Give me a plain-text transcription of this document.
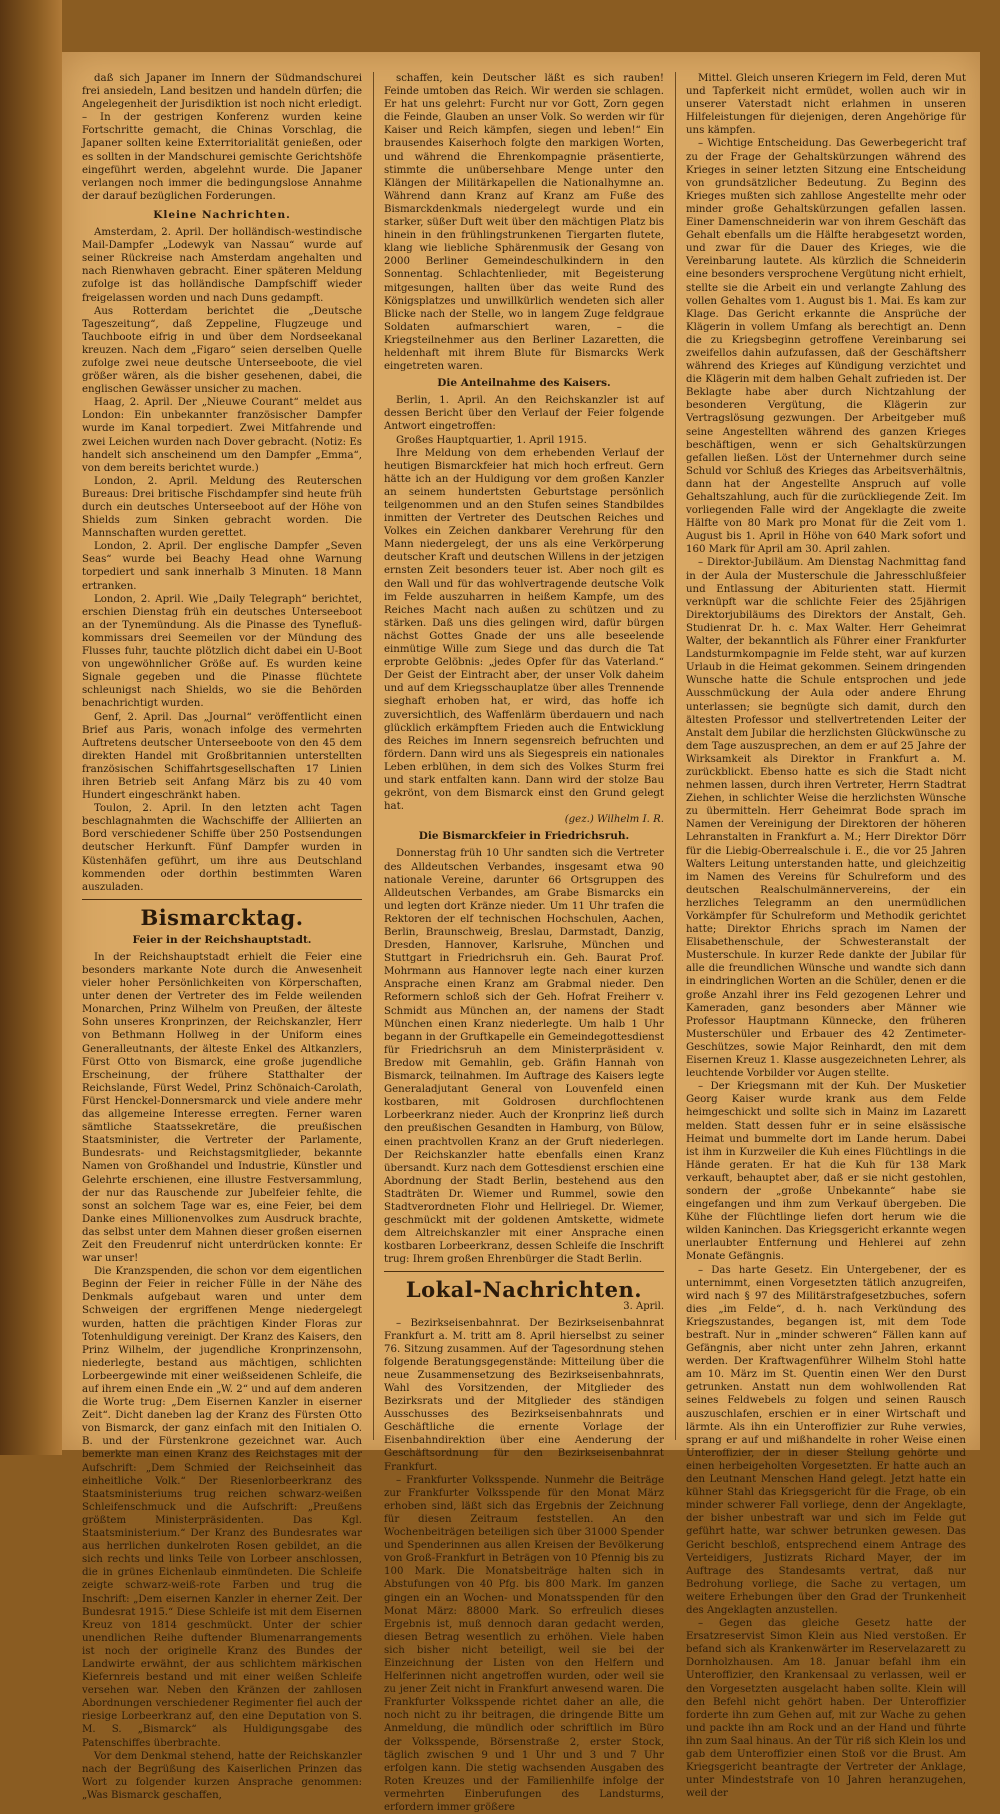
daß sich Japaner im Innern der Südmandschurei frei ansiedeln, Land besitzen und handeln dürfen; die Angelegenheit der Jurisdiktion ist noch nicht erledigt. – In der gestrigen Konferenz wurden keine Fortschritte gemacht, die Chinas Vorschlag, die Japaner sollten keine Exterritorialität genießen, oder es sollten in der Mandschurei gemischte Gerichtshöfe eingeführt werden, abgelehnt wurde. Die Japaner verlangen noch immer die bedingungslose Annahme der darauf bezüglichen Forderungen.

Kleine Nachrichten.

Amsterdam, 2. April. Der holländisch-westindische Mail-Dampfer „Lodewyk van Nassau“ wurde auf seiner Rückreise nach Amsterdam angehalten und nach Rienwhaven gebracht. Einer späteren Meldung zufolge ist das holländische Dampfschiff wieder freigelassen worden und nach Duns gedampft.

Aus Rotterdam berichtet die „Deutsche Tageszeitung“, daß Zeppeline, Flugzeuge und Tauchboote eifrig in und über dem Nordseekanal kreuzen. Nach dem „Figaro“ seien derselben Quelle zufolge zwei neue deutsche Unterseeboote, die viel größer wären, als die bisher gesehenen, dabei, die englischen Gewässer unsicher zu machen.

Haag, 2. April. Der „Nieuwe Courant“ meldet aus London: Ein unbekannter französischer Dampfer wurde im Kanal torpediert. Zwei Mitfahrende und zwei Leichen wurden nach Dover gebracht. (Notiz: Es handelt sich anscheinend um den Dampfer „Emma“, von dem bereits berichtet wurde.)

London, 2. April. Meldung des Reuterschen Bureaus: Drei britische Fischdampfer sind heute früh durch ein deutsches Unterseeboot auf der Höhe von Shields zum Sinken gebracht worden. Die Mannschaften wurden gerettet.

London, 2. April. Der englische Dampfer „Seven Seas“ wurde bei Beachy Head ohne Warnung torpediert und sank innerhalb 3 Minuten. 18 Mann ertranken.

London, 2. April. Wie „Daily Telegraph“ berichtet, erschien Dienstag früh ein deutsches Unterseeboot an der Tynemündung. Als die Pinasse des Tynefluß-kommissars drei Seemeilen vor der Mündung des Flusses fuhr, tauchte plötzlich dicht dabei ein U-Boot von ungewöhnlicher Größe auf. Es wurden keine Signale gegeben und die Pinasse flüchtete schleunigst nach Shields, wo sie die Behörden benachrichtigt wurden.

Genf, 2. April. Das „Journal“ veröffentlicht einen Brief aus Paris, wonach infolge des vermehrten Auftretens deutscher Unterseeboote von den 45 dem direkten Handel mit Großbritannien unterstellten französischen Schiffahrtsgesellschaften 17 Linien ihren Betrieb seit Anfang März bis zu 40 vom Hundert eingeschränkt haben.

Toulon, 2. April. In den letzten acht Tagen beschlagnahmten die Wachschiffe der Alliierten an Bord verschiedener Schiffe über 250 Postsendungen deutscher Herkunft. Fünf Dampfer wurden in Küstenhäfen geführt, um ihre aus Deutschland kommenden oder dorthin bestimmten Waren auszuladen.

Bismarcktag.
Feier in der Reichshauptstadt.

In der Reichshauptstadt erhielt die Feier eine besonders markante Note durch die Anwesenheit vieler hoher Persönlichkeiten von Körperschaften, unter denen der Vertreter des im Felde weilenden Monarchen, Prinz Wilhelm von Preußen, der älteste Sohn unseres Kronprinzen, der Reichskanzler, Herr von Bethmann Hollweg in der Uniform eines Generalleutnants, der älteste Enkel des Altkanzlers, Fürst Otto von Bismarck, eine große jugendliche Erscheinung, der frühere Statthalter der Reichslande, Fürst Wedel, Prinz Schönaich-Carolath, Fürst Henckel-Donnersmarck und viele andere mehr das allgemeine Interesse erregten. Ferner waren sämtliche Staatssekretäre, die preußischen Staatsminister, die Vertreter der Parlamente, Bundesrats- und Reichstagsmitglieder, bekannte Namen von Großhandel und Industrie, Künstler und Gelehrte erschienen, eine illustre Festversammlung, der nur das Rauschende zur Jubelfeier fehlte, die sonst an solchem Tage war es, eine Feier, bei dem Danke eines Millionenvolkes zum Ausdruck brachte, das selbst unter dem Mahnen dieser großen eisernen Zeit den Freudenruf nicht unterdrücken konnte: Er war unser!

Die Kranzspenden, die schon vor dem eigentlichen Beginn der Feier in reicher Fülle in der Nähe des Denkmals aufgebaut waren und unter dem Schweigen der ergriffenen Menge niedergelegt wurden, hatten die prächtigen Kinder Floras zur Totenhuldigung vereinigt. Der Kranz des Kaisers, den Prinz Wilhelm, der jugendliche Kronprinzensohn, niederlegte, bestand aus mächtigen, schlichten Lorbeergewinde mit einer weißseidenen Schleife, die auf ihrem einen Ende ein „W. 2“ und auf dem anderen die Worte trug: „Dem Eisernen Kanzler in eiserner Zeit“. Dicht daneben lag der Kranz des Fürsten Otto von Bismarck, der ganz einfach mit den Initialen O. B. und der Fürstenkrone gezeichnet war. Auch bemerkte man einen Kranz des Reichstages mit der Aufschrift: „Dem Schmied der Reichseinheit das einheitliche Volk.“ Der Riesenlorbeerkranz des Staatsministeriums trug reichen schwarz-weißen Schleifenschmuck und die Aufschrift: „Preußens größtem Ministerpräsidenten. Das Kgl. Staatsministerium.“ Der Kranz des Bundesrates war aus herrlichen dunkelroten Rosen gebildet, an die sich rechts und links Teile von Lorbeer anschlossen, die in grünes Eichenlaub einmündeten. Die Schleife zeigte schwarz-weiß-rote Farben und trug die Inschrift: „Dem eisernen Kanzler in eherner Zeit. Der Bundesrat 1915.“ Diese Schleife ist mit dem Eisernen Kreuz von 1814 geschmückt. Unter der schier unendlichen Reihe duftender Blumenarrangements ist noch der originelle Kranz des Bundes der Landwirte erwähnt, der aus schlichtem märkischen Kiefernreis bestand und mit einer weißen Schleife versehen war. Neben den Kränzen der zahllosen Abordnungen verschiedener Regimenter fiel auch der riesige Lorbeerkranz auf, den eine Deputation von S. M. S. „Bismarck“ als Huldigungsgabe des Patenschiffes überbrachte.

Vor dem Denkmal stehend, hatte der Reichskanzler nach der Begrüßung des Kaiserlichen Prinzen das Wort zu folgender kurzen Ansprache genommen: „Was Bismarck geschaffen,

schaffen, kein Deutscher läßt es sich rauben! Feinde umtoben das Reich. Wir werden sie schlagen. Er hat uns gelehrt: Furcht nur vor Gott, Zorn gegen die Feinde, Glauben an unser Volk. So werden wir für Kaiser und Reich kämpfen, siegen und leben!“ Ein brausendes Kaiserhoch folgte den markigen Worten, und während die Ehrenkompagnie präsentierte, stimmte die unübersehbare Menge unter den Klängen der Militärkapellen die Nationalhymne an. Während dann Kranz auf Kranz am Fuße des Bismarckdenkmals niedergelegt wurde und ein starker, süßer Duft weit über den mächtigen Platz bis hinein in den frühlingstrunkenen Tiergarten flutete, klang wie liebliche Sphärenmusik der Gesang von 2000 Berliner Gemeindeschulkindern in den Sonnentag. Schlachtenlieder, mit Begeisterung mitgesungen, hallten über das weite Rund des Königsplatzes und unwillkürlich wendeten sich aller Blicke nach der Stelle, wo in langem Zuge feldgraue Soldaten aufmarschiert waren, – die Kriegsteilnehmer aus den Berliner Lazaretten, die heldenhaft mit ihrem Blute für Bismarcks Werk eingetreten waren.

Die Anteilnahme des Kaisers.

Berlin, 1. April. An den Reichskanzler ist auf dessen Bericht über den Verlauf der Feier folgende Antwort eingetroffen:

Großes Hauptquartier, 1. April 1915.

Ihre Meldung von dem erhebenden Verlauf der heutigen Bismarckfeier hat mich hoch erfreut. Gern hätte ich an der Huldigung vor dem großen Kanzler an seinem hundertsten Geburtstage persönlich teilgenommen und an den Stufen seines Standbildes inmitten der Vertreter des Deutschen Reiches und Volkes ein Zeichen dankbarer Verehrung für den Mann niedergelegt, der uns als eine Verkörperung deutscher Kraft und deutschen Willens in der jetzigen ernsten Zeit besonders teuer ist. Aber noch gilt es den Wall und für das wohlvertragende deutsche Volk im Felde auszuharren in heißem Kampfe, um des Reiches Macht nach außen zu schützen und zu stärken. Daß uns dies gelingen wird, dafür bürgen nächst Gottes Gnade der uns alle beseelende einmütige Wille zum Siege und das durch die Tat erprobte Gelöbnis: „jedes Opfer für das Vaterland.“ Der Geist der Eintracht aber, der unser Volk daheim und auf dem Kriegsschauplatze über alles Trennende sieghaft erhoben hat, er wird, das hoffe ich zuversichtlich, des Waffenlärm überdauern und nach glücklich erkämpftem Frieden auch die Entwicklung des Reiches im Innern segensreich befruchten und fördern. Dann wird uns als Siegespreis ein nationales Leben erblühen, in dem sich des Volkes Sturm frei und stark entfalten kann. Dann wird der stolze Bau gekrönt, von dem Bismarck einst den Grund gelegt hat.

(gez.) Wilhelm I. R.
Die Bismarckfeier in Friedrichsruh.

Donnerstag früh 10 Uhr sandten sich die Vertreter des Alldeutschen Verbandes, insgesamt etwa 90 nationale Vereine, darunter 66 Ortsgruppen des Alldeutschen Verbandes, am Grabe Bismarcks ein und legten dort Kränze nieder. Um 11 Uhr trafen die Rektoren der elf technischen Hochschulen, Aachen, Berlin, Braunschweig, Breslau, Darmstadt, Danzig, Dresden, Hannover, Karlsruhe, München und Stuttgart in Friedrichsruh ein. Geh. Baurat Prof. Mohrmann aus Hannover legte nach einer kurzen Ansprache einen Kranz am Grabmal nieder. Den Reformern schloß sich der Geh. Hofrat Freiherr v. Schmidt aus München an, der namens der Stadt München einen Kranz niederlegte. Um halb 1 Uhr begann in der Gruftkapelle ein Gemeindegottesdienst für Friedrichsruh an dem Ministerpräsident v. Bredow mit Gemahlin, geb. Gräfin Hannah von Bismarck, teilnahmen. Im Auftrage des Kaisers legte Generaladjutant General von Louvenfeld einen kostbaren, mit Goldrosen durchflochtenen Lorbeerkranz nieder. Auch der Kronprinz ließ durch den preußischen Gesandten in Hamburg, von Bülow, einen prachtvollen Kranz an der Gruft niederlegen. Der Reichskanzler hatte ebenfalls einen Kranz übersandt. Kurz nach dem Gottesdienst erschien eine Abordnung der Stadt Berlin, bestehend aus den Stadträten Dr. Wiemer und Rummel, sowie den Stadtverordneten Flohr und Hellriegel. Dr. Wiemer, geschmückt mit der goldenen Amtskette, widmete dem Altreichskanzler mit einer Ansprache einen kostbaren Lorbeerkranz, dessen Schleife die Inschrift trug: Ihrem großen Ehrenbürger die Stadt Berlin.

Lokal-Nachrichten.
3. April.

– Bezirkseisenbahnrat. Der Bezirkseisenbahnrat Frankfurt a. M. tritt am 8. April hierselbst zu seiner 76. Sitzung zusammen. Auf der Tagesordnung stehen folgende Beratungsgegenstände: Mitteilung über die neue Zusammensetzung des Bezirkseisenbahnrats, Wahl des Vorsitzenden, der Mitglieder des Bezirksrats und der Mitglieder des ständigen Ausschusses des Bezirkseisenbahnrats und Geschäftliche die ernente Vorlage der Eisenbahndirektion über eine Aenderung der Geschäftsordnung für den Bezirkseisenbahnrat Frankfurt.

– Frankfurter Volksspende. Nunmehr die Beiträge zur Frankfurter Volksspende für den Monat März erhoben sind, läßt sich das Ergebnis der Zeichnung für diesen Zeitraum feststellen. An den Wochenbeiträgen beteiligen sich über 31000 Spender und Spenderinnen aus allen Kreisen der Bevölkerung von Groß-Frankfurt in Beträgen von 10 Pfennig bis zu 100 Mark. Die Monatsbeiträge halten sich in Abstufungen von 40 Pfg. bis 800 Mark. Im ganzen gingen ein an Wochen- und Monatsspenden für den Monat März: 88000 Mark. So erfreulich dieses Ergebnis ist, muß dennoch daran gedacht werden, diesen Betrag wesentlich zu erhöhen. Viele haben sich bisher nicht beteiligt, weil sie bei der Einzeichnung der Listen von den Helfern und Helferinnen nicht angetroffen wurden, oder weil sie zu jener Zeit nicht in Frankfurt anwesend waren. Die Frankfurter Volksspende richtet daher an alle, die noch nicht zu ihr beitragen, die dringende Bitte um Anmeldung, die mündlich oder schriftlich im Büro der Volksspende, Börsenstraße 2, erster Stock, täglich zwischen 9 und 1 Uhr und 3 und 7 Uhr erfolgen kann. Die stetig wachsenden Ausgaben des Roten Kreuzes und der Familienhilfe infolge der vermehrten Einberufungen des Landsturms, erfordern immer größere

Mittel. Gleich unseren Kriegern im Feld, deren Mut und Tapferkeit nicht ermüdet, wollen auch wir in unserer Vaterstadt nicht erlahmen in unseren Hilfeleistungen für diejenigen, deren Angehörige für uns kämpfen.

– Wichtige Entscheidung. Das Gewerbegericht traf zu der Frage der Gehaltskürzungen während des Krieges in seiner letzten Sitzung eine Entscheidung von grundsätzlicher Bedeutung. Zu Beginn des Krieges mußten sich zahllose Angestellte mehr oder minder große Gehaltskürzungen gefallen lassen. Einer Damenschneiderin war von ihrem Geschäft das Gehalt ebenfalls um die Hälfte herabgesetzt worden, und zwar für die Dauer des Krieges, wie die Vereinbarung lautete. Als kürzlich die Schneiderin eine besonders versprochene Vergütung nicht erhielt, stellte sie die Arbeit ein und verlangte Zahlung des vollen Gehaltes vom 1. August bis 1. Mai. Es kam zur Klage. Das Gericht erkannte die Ansprüche der Klägerin in vollem Umfang als berechtigt an. Denn die zu Kriegsbeginn getroffene Vereinbarung sei zweifellos dahin aufzufassen, daß der Geschäftsherr während des Krieges auf Kündigung verzichtet und die Klägerin mit dem halben Gehalt zufrieden ist. Der Beklagte habe aber durch Nichtzahlung der besonderen Vergütung, die Klägerin zur Vertragslösung gezwungen. Der Arbeitgeber muß seine Angestellten während des ganzen Krieges beschäftigen, wenn er sich Gehaltskürzungen gefallen ließen. Löst der Unternehmer durch seine Schuld vor Schluß des Krieges das Arbeitsverhältnis, dann hat der Angestellte Anspruch auf volle Gehaltszahlung, auch für die zurückliegende Zeit. Im vorliegenden Falle wird der Angeklagte die zweite Hälfte von 80 Mark pro Monat für die Zeit vom 1. August bis 1. April in Höhe von 640 Mark sofort und 160 Mark für April am 30. April zahlen.

– Direktor-Jubiläum. Am Dienstag Nachmittag fand in der Aula der Musterschule die Jahresschlußfeier und Entlassung der Abiturienten statt. Hiermit verknüpft war die schlichte Feier des 25jährigen Direktorjubiläums des Direktors der Anstalt, Geh. Studienrat Dr. h. c. Max Walter. Herr Geheimrat Walter, der bekanntlich als Führer einer Frankfurter Landsturmkompagnie im Felde steht, war auf kurzen Urlaub in die Heimat gekommen. Seinem dringenden Wunsche hatte die Schule entsprochen und jede Ausschmückung der Aula oder andere Ehrung unterlassen; sie begnügte sich damit, durch den ältesten Professor und stellvertretenden Leiter der Anstalt dem Jubilar die herzlichsten Glückwünsche zu dem Tage auszusprechen, an dem er auf 25 Jahre der Wirksamkeit als Direktor in Frankfurt a. M. zurückblickt. Ebenso hatte es sich die Stadt nicht nehmen lassen, durch ihren Vertreter, Herrn Stadtrat Ziehen, in schlichter Weise die herzlichsten Wünsche zu übermitteln. Herr Geheimrat Bode sprach im Namen der Vereinigung der Direktoren der höheren Lehranstalten in Frankfurt a. M.; Herr Direktor Dörr für die Liebig-Oberrealschule i. E., die vor 25 Jahren Walters Leitung unterstanden hatte, und gleichzeitig im Namen des Vereins für Schulreform und des deutschen Realschulmännervereins, der ein herzliches Telegramm an den unermüdlichen Vorkämpfer für Schulreform und Methodik gerichtet hatte; Direktor Ehrichs sprach im Namen der Elisabethenschule, der Schwesteranstalt der Musterschule. In kurzer Rede dankte der Jubilar für alle die freundlichen Wünsche und wandte sich dann in eindringlichen Worten an die Schüler, denen er die große Anzahl ihrer ins Feld gezogenen Lehrer und Kameraden, ganz besonders aber Männer wie Professor Hauptmann Künnecke, den früheren Musterschüler und Erbauer des 42 Zentimeter-Geschützes, sowie Major Reinhardt, den mit dem Eisernen Kreuz 1. Klasse ausgezeichneten Lehrer, als leuchtende Vorbilder vor Augen stellte.

– Der Kriegsmann mit der Kuh. Der Musketier Georg Kaiser wurde krank aus dem Felde heimgeschickt und sollte sich in Mainz im Lazarett melden. Statt dessen fuhr er in seine elsässische Heimat und bummelte dort im Lande herum. Dabei ist ihm in Kurzweiler die Kuh eines Flüchtlings in die Hände geraten. Er hat die Kuh für 138 Mark verkauft, behauptet aber, daß er sie nicht gestohlen, sondern der „große Unbekannte“ habe sie eingefangen und ihm zum Verkauf übergeben. Die Kühe der Flüchtlinge liefen dort herum wie die wilden Kaninchen. Das Kriegsgericht erkannte wegen unerlaubter Entfernung und Hehlerei auf zehn Monate Gefängnis.

– Das harte Gesetz. Ein Untergebener, der es unternimmt, einen Vorgesetzten tätlich anzugreifen, wird nach § 97 des Militärstrafgesetzbuches, sofern dies „im Felde“, d. h. nach Verkündung des Kriegszustandes, begangen ist, mit dem Tode bestraft. Nur in „minder schweren“ Fällen kann auf Gefängnis, aber nicht unter zehn Jahren, erkannt werden. Der Kraftwagenführer Wilhelm Stohl hatte am 10. März im St. Quentin einen Wer den Durst getrunken. Anstatt nun dem wohlwollenden Rat seines Feldwebels zu folgen und seinen Rausch auszuschlafen, erschien er in einer Wirtschaft und lärmte. Als ihn ein Unteroffizier zur Ruhe verwies, sprang er auf und mißhandelte in roher Weise einen Unteroffizier, der in dieser Stellung gehörte und einen herbeigeholten Vorgesetzten. Er hatte auch an den Leutnant Menschen Hand gelegt. Jetzt hatte ein kühner Stahl das Kriegsgericht für die Frage, ob ein minder schwerer Fall vorliege, denn der Angeklagte, der bisher unbestraft war und sich im Felde gut geführt hatte, war schwer betrunken gewesen. Das Gericht beschloß, entsprechend einem Antrage des Verteidigers, Justizrats Richard Mayer, der im Auftrage des Standesamts vertrat, daß nur Bedrohung vorliege, die Sache zu vertagen, um weitere Erhebungen über den Grad der Trunkenheit des Angeklagten anzustellen.

– Gegen das gleiche Gesetz hatte der Ersatzreservist Simon Klein aus Nied verstoßen. Er befand sich als Krankenwärter im Reservelazarett zu Dornholzhausen. Am 18. Januar befahl ihm ein Unteroffizier, den Krankensaal zu verlassen, weil er den Vorgesetzten ausgelacht haben sollte. Klein will den Befehl nicht gehört haben. Der Unteroffizier forderte ihn zum Gehen auf, mit zur Wache zu gehen und packte ihn am Rock und an der Hand und führte ihn zum Saal hinaus. An der Tür riß sich Klein los und gab dem Unteroffizier einen Stoß vor die Brust. Am Kriegsgericht beantragte der Vertreter der Anklage, unter Mindeststrafe von 10 Jahren heranzugehen, weil der
